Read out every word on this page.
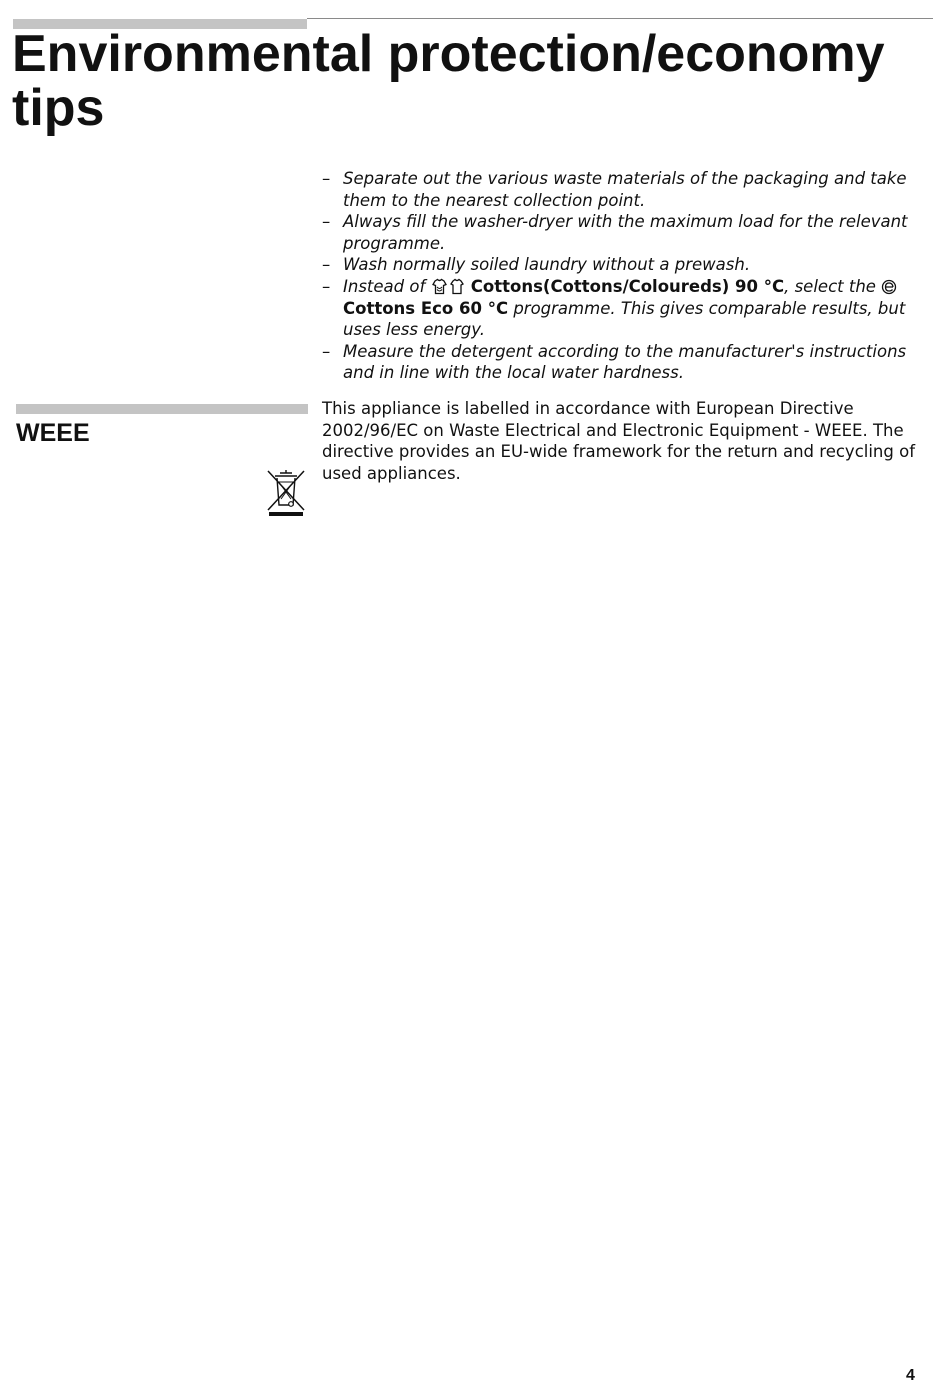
Environmental protection/economy tips
– Separate out the various waste materials of the packaging and take them to the nearest collection point.
– Always fill the washer-dryer with the maximum load for the relevant programme.
– Wash normally soiled laundry without a prewash.
– Instead of  Cottons(Cottons/Coloureds) 90 °C, select the Cottons Eco 60 °C programme. This gives comparable results, but uses less energy.
– Measure the detergent according to the manufacturer's instructions and in line with the local water hardness.
WEEE

This appliance is labelled in accordance with European Directive 2002/96/EC on Waste Electrical and Electronic Equipment - WEEE. The directive provides an EU-wide framework for the return and recycling of used appliances.

4
